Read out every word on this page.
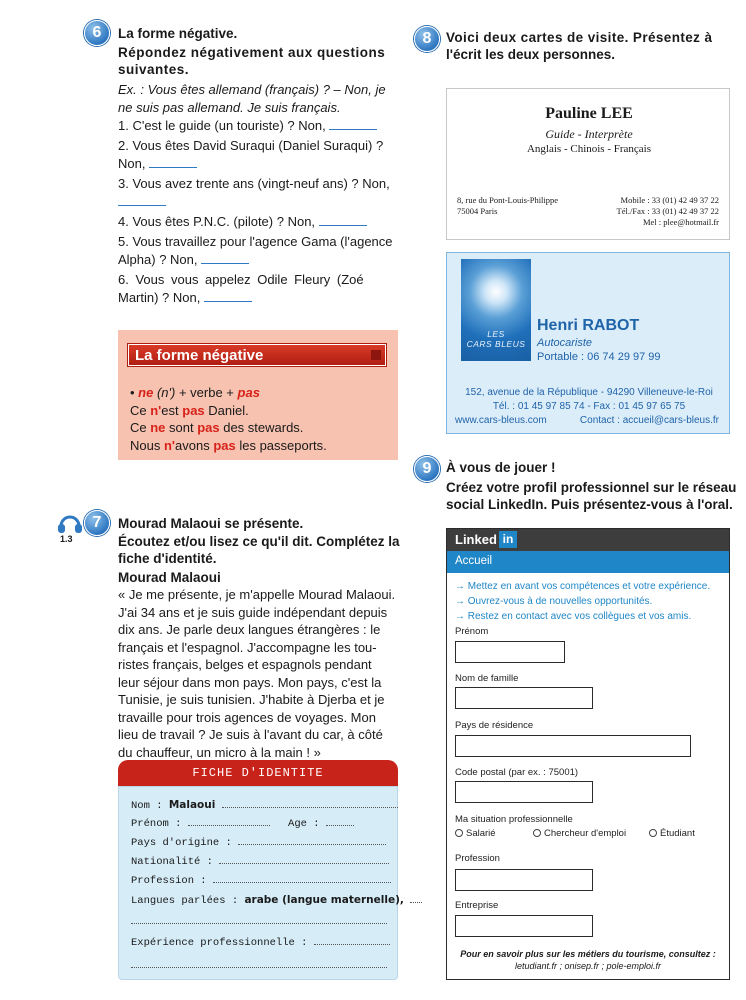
6	La forme négative.
Répondez négativement aux questions suivantes.
Ex. : Vous êtes allemand (français) ? – Non, je
ne suis pas allemand. Je suis français.
1. C'est le guide (un touriste) ? Non,
2. Vous êtes David Suraqui (Daniel Suraqui) ?
Non,
3. Vous avez trente ans (vingt-neuf ans) ? Non,
4. Vous êtes P.N.C. (pilote) ? Non,
5. Vous travaillez pour l'agence Gama (l'agence
Alpha) ? Non,
6. Vous vous appelez Odile Fleury (Zoé
Martin) ? Non,
La forme négative
• ne (n') + verbe + pas
Ce n'est pas Daniel.
Ce ne sont pas des stewards.
Nous n'avons pas les passeports.
1.3
7	Mourad Malaoui se présente.
Écoutez et/ou lisez ce qu'il dit. Complétez la
fiche d'identité.
Mourad Malaoui
« Je me présente, je m'appelle Mourad Malaoui.
J'ai 34 ans et je suis guide indépendant depuis
dix ans. Je parle deux langues étrangères : le
français et l'espagnol. J'accompagne les tou-
ristes français, belges et espagnols pendant
leur séjour dans mon pays. Mon pays, c'est la
Tunisie, je suis tunisien. J'habite à Djerba et je
travaille pour trois agences de voyages. Mon
lieu de travail ? Je suis à l'avant du car, à côté
du chauffeur, un micro à la main ! »
FICHE D'IDENTITE
Nom : Malaoui
Prénom :	Age :
Pays d'origine :
Nationalité :
Profession :
Langues parlées : arabe (langue maternelle),
Expérience professionnelle :
8	Voici deux cartes de visite. Présentez à
l'écrit les deux personnes.
Pauline LEE
Guide - Interprète
Anglais - Chinois - Français
8, rue du Pont-Louis-Philippe
75004 Paris
Mobile : 33 (01) 42 49 37 22
Tél./Fax : 33 (01) 42 49 37 22
Mel : plee@hotmail.fr
LES
CARS BLEUS
Henri RABOT
Autocariste
Portable : 06 74 29 97 99
152, avenue de la République - 94290 Villeneuve-le-Roi
Tél. : 01 45 97 85 74 - Fax : 01 45 97 65 75
www.cars-bleus.com	Contact : accueil@cars-bleus.fr
9	À vous de jouer !
Créez votre profil professionnel sur le réseau
social LinkedIn. Puis présentez-vous à l'oral.
Linked in
Accueil
→ Mettez en avant vos compétences et votre expérience.
→ Ouvrez-vous à de nouvelles opportunités.
→ Restez en contact avec vos collègues et vos amis.
Prénom
Nom de famille
Pays de résidence
Code postal (par ex. : 75001)
Ma situation professionnelle
Salarié	Chercheur d'emploi	Étudiant
Profession
Entreprise
Pour en savoir plus sur les métiers du tourisme, consultez :
letudiant.fr ; onisep.fr ; pole-emploi.fr
